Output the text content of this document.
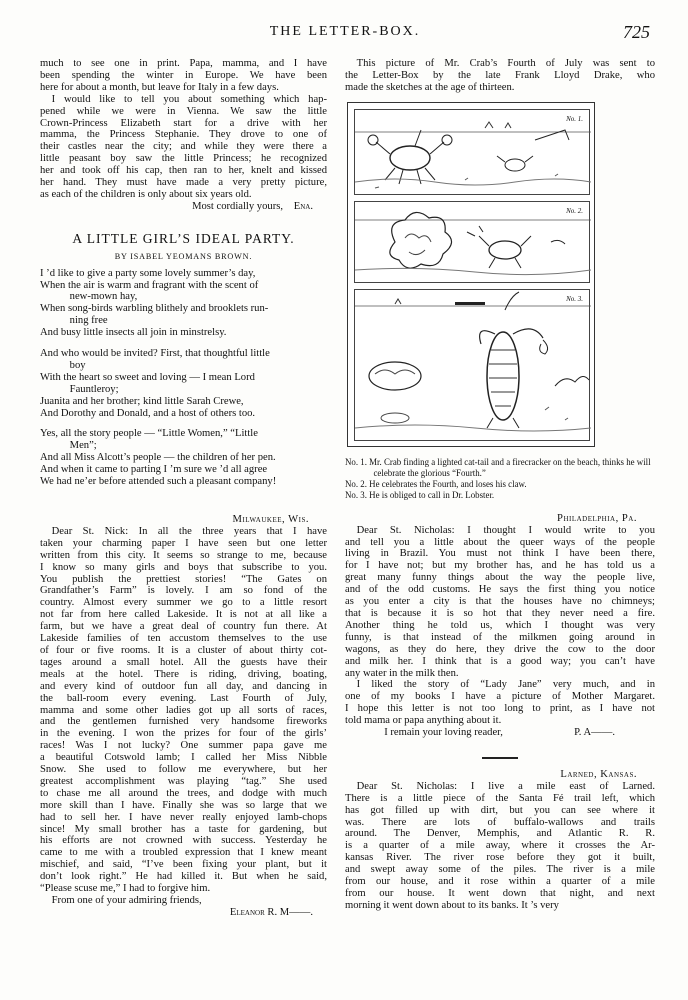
THE LETTER-BOX.	725
much to see one in print. Papa, mamma, and I have
been spending the winter in Europe. We have been
here for about a month, but leave for Italy in a few days.
I would like to tell you about something which hap-
pened while we were in Vienna. We saw the little
Crown-Princess Elizabeth start for a drive with her
mamma, the Princess Stephanie. They drove to one of
their castles near the city; and while they were there a
little peasant boy saw the little Princess; he recognized
her and took off his cap, then ran to her, knelt and kissed
her hand. They must have made a very pretty picture,
as each of the children is only about six years old.
Most cordially yours,	Ena.
A LITTLE GIRL’S IDEAL PARTY.
BY ISABEL YEOMANS BROWN.
I ’d like to give a party some lovely summer’s day,
When the air is warm and fragrant with the scent of
new-mown hay,
When song-birds warbling blithely and brooklets run-
ning free
And busy little insects all join in minstrelsy.
And who would be invited? First, that thoughtful little
boy
With the heart so sweet and loving — I mean Lord
Fauntleroy;
Juanita and her brother; kind little Sarah Crewe,
And Dorothy and Donald, and a host of others too.
Yes, all the story people — “Little Women,” “Little
Men”;
And all Miss Alcott’s people — the children of her pen.
And when it came to parting I ’m sure we ’d all agree
We had ne’er before attended such a pleasant company!
Milwaukee, Wis.
Dear St. Nick: In all the three years that I have
taken your charming paper I have seen but one letter
written from this city. It seems so strange to me, because
I know so many girls and boys that subscribe to you.
You publish the prettiest stories! “The Gates on
Grandfather’s Farm” is lovely. I am so fond of the
country. Almost every summer we go to a little resort
not far from here called Lakeside. It is not at all like a
farm, but we have a great deal of country fun there. At
Lakeside families of ten accustom themselves to the use
of four or five rooms. It is a cluster of about thirty cot-
tages around a small hotel. All the guests have their
meals at the hotel. There is riding, driving, boating,
and every kind of outdoor fun all day, and dancing in
the ball-room every evening. Last Fourth of July,
mamma and some other ladies got up all sorts of races,
and the gentlemen furnished very handsome fireworks
in the evening. I won the prizes for four of the girls’
races! Was I not lucky? One summer papa gave me
a beautiful Cotswold lamb; I called her Miss Nibble
Snow. She used to follow me everywhere, but her
greatest accomplishment was playing “tag.” She used
to chase me all around the trees, and dodge with much
more skill than I have. Finally she was so large that we
had to sell her. I have never really enjoyed lamb-chops
since! My small brother has a taste for gardening, but
his efforts are not crowned with success. Yesterday he
came to me with a troubled expression that I knew meant
mischief, and said, “I’ve been fixing your plant, but it
don’t look right.” He had killed it. But when he said,
“Please scuse me,” I had to forgive him.
From one of your admiring friends,
Eleanor R. M——.
This picture of Mr. Crab’s Fourth of July was sent to
the Letter-Box by the late Frank Lloyd Drake, who
made the sketches at the age of thirteen.
No. 1.
No. 2.
No. 3.
No. 1. Mr. Crab finding a lighted cat-tail and a firecracker on the beach, thinks he will celebrate the glorious “Fourth.”
No. 2. He celebrates the Fourth, and loses his claw.
No. 3. He is obliged to call in Dr. Lobster.
Philadelphia, Pa.
Dear St. Nicholas: I thought I would write to you
and tell you a little about the queer ways of the people
living in Brazil. You must not think I have been there,
for I have not; but my brother has, and he has told us a
great many funny things about the way the people live,
and of the odd customs. He says the first thing you notice
as you enter a city is that the houses have no chimneys;
that is because it is so hot that they never need a fire.
Another thing he told us, which I thought was very
funny, is that instead of the milkmen going around in
wagons, as they do here, they drive the cow to the door
and milk her. I think that is a good way; you can’t have
any water in the milk then.
I liked the story of “Lady Jane” very much, and in
one of my books I have a picture of Mother Margaret.
I hope this letter is not too long to print, as I have not
told mama or papa anything about it.
I remain your loving reader,	P. A——.
Larned, Kansas.
Dear St. Nicholas: I live a mile east of Larned.
There is a little piece of the Santa Fé trail left, which
has got filled up with dirt, but you can see where it
was. There are lots of buffalo-wallows and trails
around. The Denver, Memphis, and Atlantic R. R.
is a quarter of a mile away, where it crosses the Ar-
kansas River. The river rose before they got it built,
and swept away some of the piles. The river is a mile
from our house, and it rose within a quarter of a mile
from our house. It went down that night, and next
morning it went down about to its banks. It ’s very
